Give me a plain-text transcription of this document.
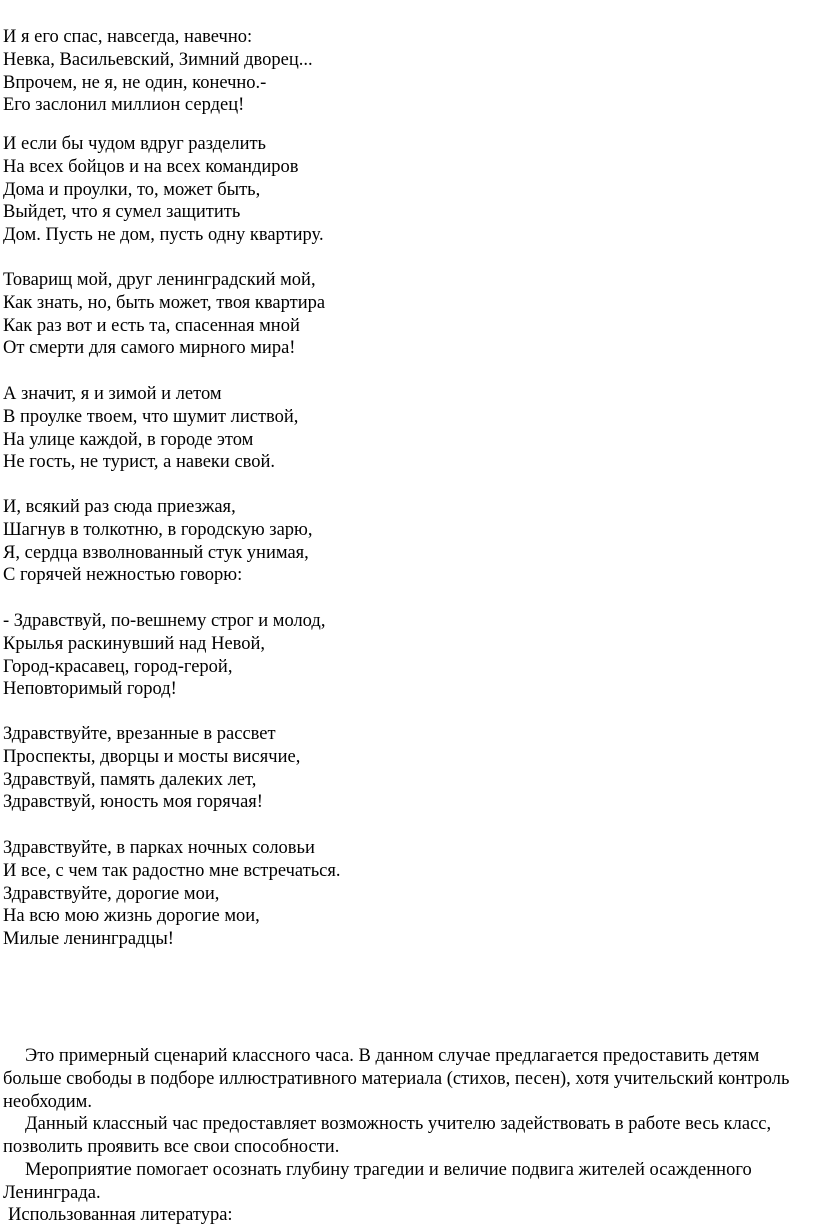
И я его спас, навсегда, навечно:
Невка, Васильевский, Зимний дворец...
Впрочем, не я, не один, конечно.-
Его заслонил миллион сердец!
И если бы чудом вдруг разделить
На всех бойцов и на всех командиров
Дома и проулки, то, может быть,
Выйдет, что я сумел защитить
Дом. Пусть не дом, пусть одну квартиру.
Товарищ мой, друг ленинградский мой,
Как знать, но, быть может, твоя квартира
Как раз вот и есть та, спасенная мной
От смерти для самого мирного мира!
А значит, я и зимой и летом
В проулке твоем, что шумит листвой,
На улице каждой, в городе этом
Не гость, не турист, а навеки свой.
И, всякий раз сюда приезжая,
Шагнув в толкотню, в городскую зарю,
Я, сердца взволнованный стук унимая,
С горячей нежностью говорю:
- Здравствуй, по-вешнему строг и молод,
Крылья раскинувший над Невой,
Город-красавец, город-герой,
Неповторимый город!
Здравствуйте, врезанные в рассвет
Проспекты, дворцы и мосты висячие,
Здравствуй, память далеких лет,
Здравствуй, юность моя горячая!
Здравствуйте, в парках ночных соловьи
И все, с чем так радостно мне встречаться.
Здравствуйте, дорогие мои,
На всю мою жизнь дорогие мои,
Милые ленинградцы!

Это примерный сценарий классного часа. В данном случае предлагается предоставить детям больше свободы в подборе иллюстративного материала (стихов, песен), хотя учительский контроль необходим.

Данный классный час предоставляет возможность учителю задействовать в работе весь класс, позволить проявить все свои способности.

Мероприятие помогает осознать глубину трагедии и величие подвига жителей осажденного Ленинграда.

Использованная литература:
